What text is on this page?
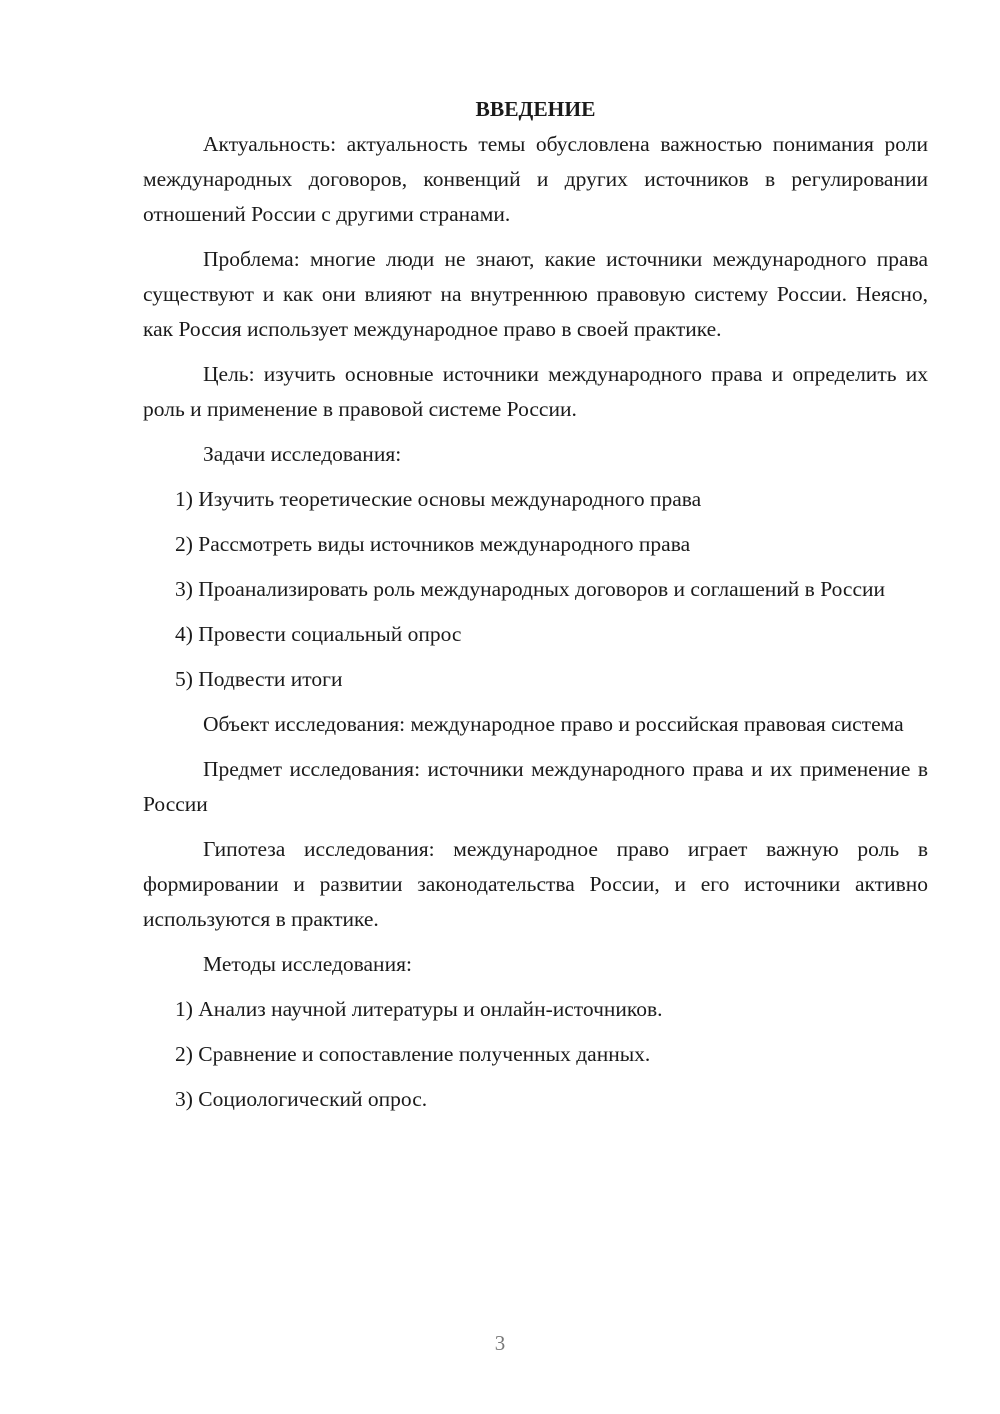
ВВЕДЕНИЕ

Актуальность: актуальность темы обусловлена важностью понимания роли международных договоров, конвенций и других источников в регулировании отношений России с другими странами.

Проблема: многие люди не знают, какие источники международного права существуют и как они влияют на внутреннюю правовую систему России. Неясно, как Россия использует международное право в своей практике.

Цель: изучить основные источники международного права и определить их роль и применение в правовой системе России.

Задачи исследования:

1) Изучить теоретические основы международного права

2) Рассмотреть виды источников международного права

3) Проанализировать роль международных договоров и соглашений в России

4) Провести социальный опрос

5) Подвести итоги

Объект исследования: международное право и российская правовая система

Предмет исследования: источники международного права и их применение в России

Гипотеза исследования: международное право играет важную роль в формировании и развитии законодательства России, и его источники активно используются в практике.

Методы исследования:

1) Анализ научной литературы и онлайн-источников.

2) Сравнение и сопоставление полученных данных.

3) Социологический опрос.

3
